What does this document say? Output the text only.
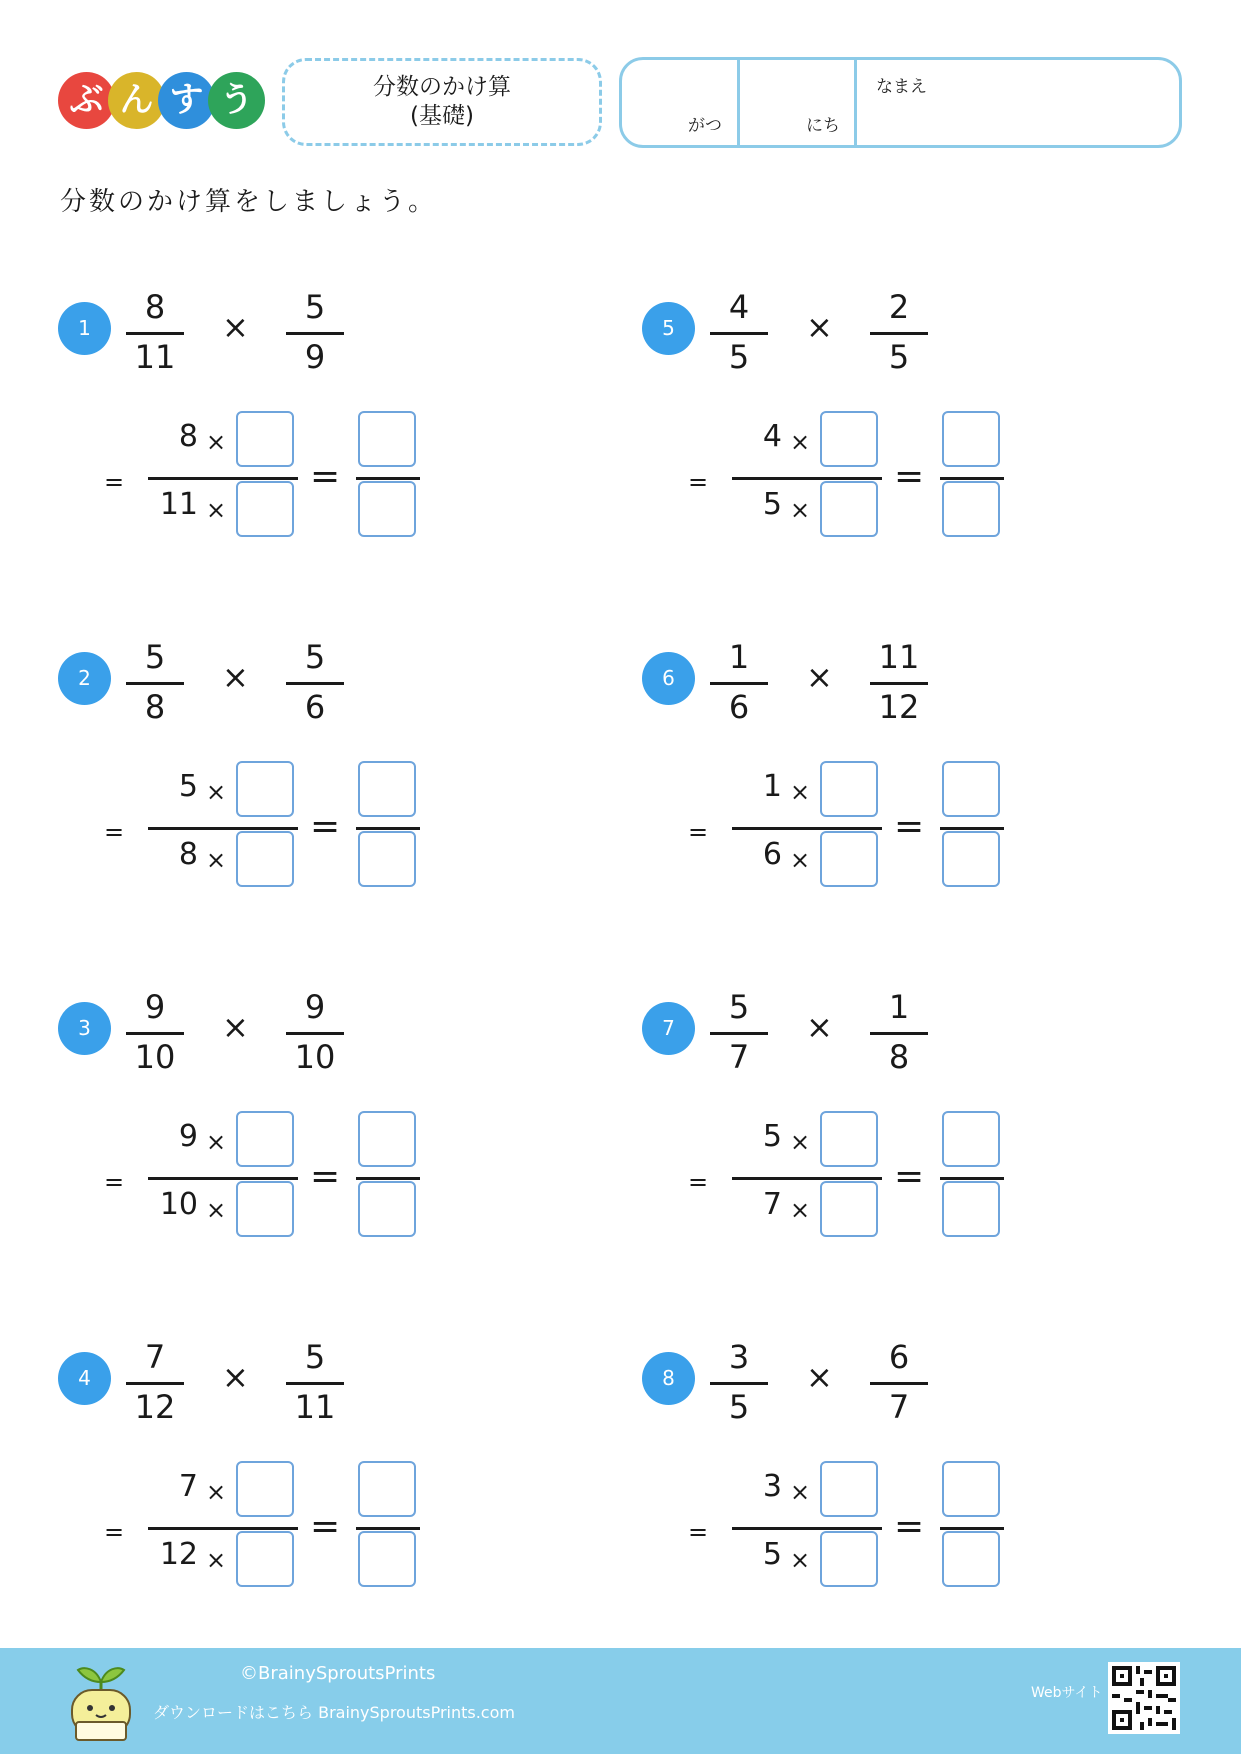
ぶ ん す う	分数のかけ算
(基礎)	がつ	にち
なまえ
分数のかけ算をしましょう。
1
8
11
×
5
9
=
8 ×
11 ×
=
2
5
8
×
5
6
=
5 ×
8 ×
=
3
9
10
×
9
10
=
9 ×
10 ×
=
4
7
12
×
5
11
=
7 ×
12 ×
=
5
4
5
×
2
5
=
4 ×
5 ×
=
6
1
6
×
11
12
=
1 ×
6 ×
=
7
5
7
×
1
8
=
5 ×
7 ×
=
8
3
5
×
6
7
=
3 ×
5 ×
=
©BrainySproutsPrints
ダウンロードはこちら BrainySproutsPrints.com
Webサイト
